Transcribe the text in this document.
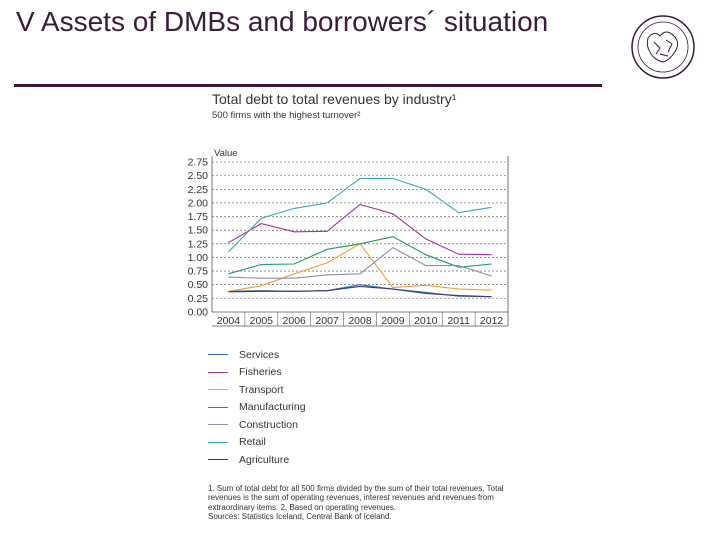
V Assets of DMBs and borrowers´ situation
Total debt to total revenues by industry¹
500 firms with the highest turnover²
Value
0.00
0.25
0.50
0.75
1.00
1.25
1.50
1.75
2.00
2.25
2.50
2.75
2004 2005 2006 2007 2008 2009 2010 2011 2012
Services
Fisheries
Transport
Manufacturing
Construction
Retail
Agriculture

1. Sum of total debt for all 500 firms divided by the sum of their total revenues. Total revenues is the sum of operating revenues, interest revenues and revenues from extraordinary items. 2. Based on operating revenues.

Sources: Statistics Iceland, Central Bank of Iceland.
